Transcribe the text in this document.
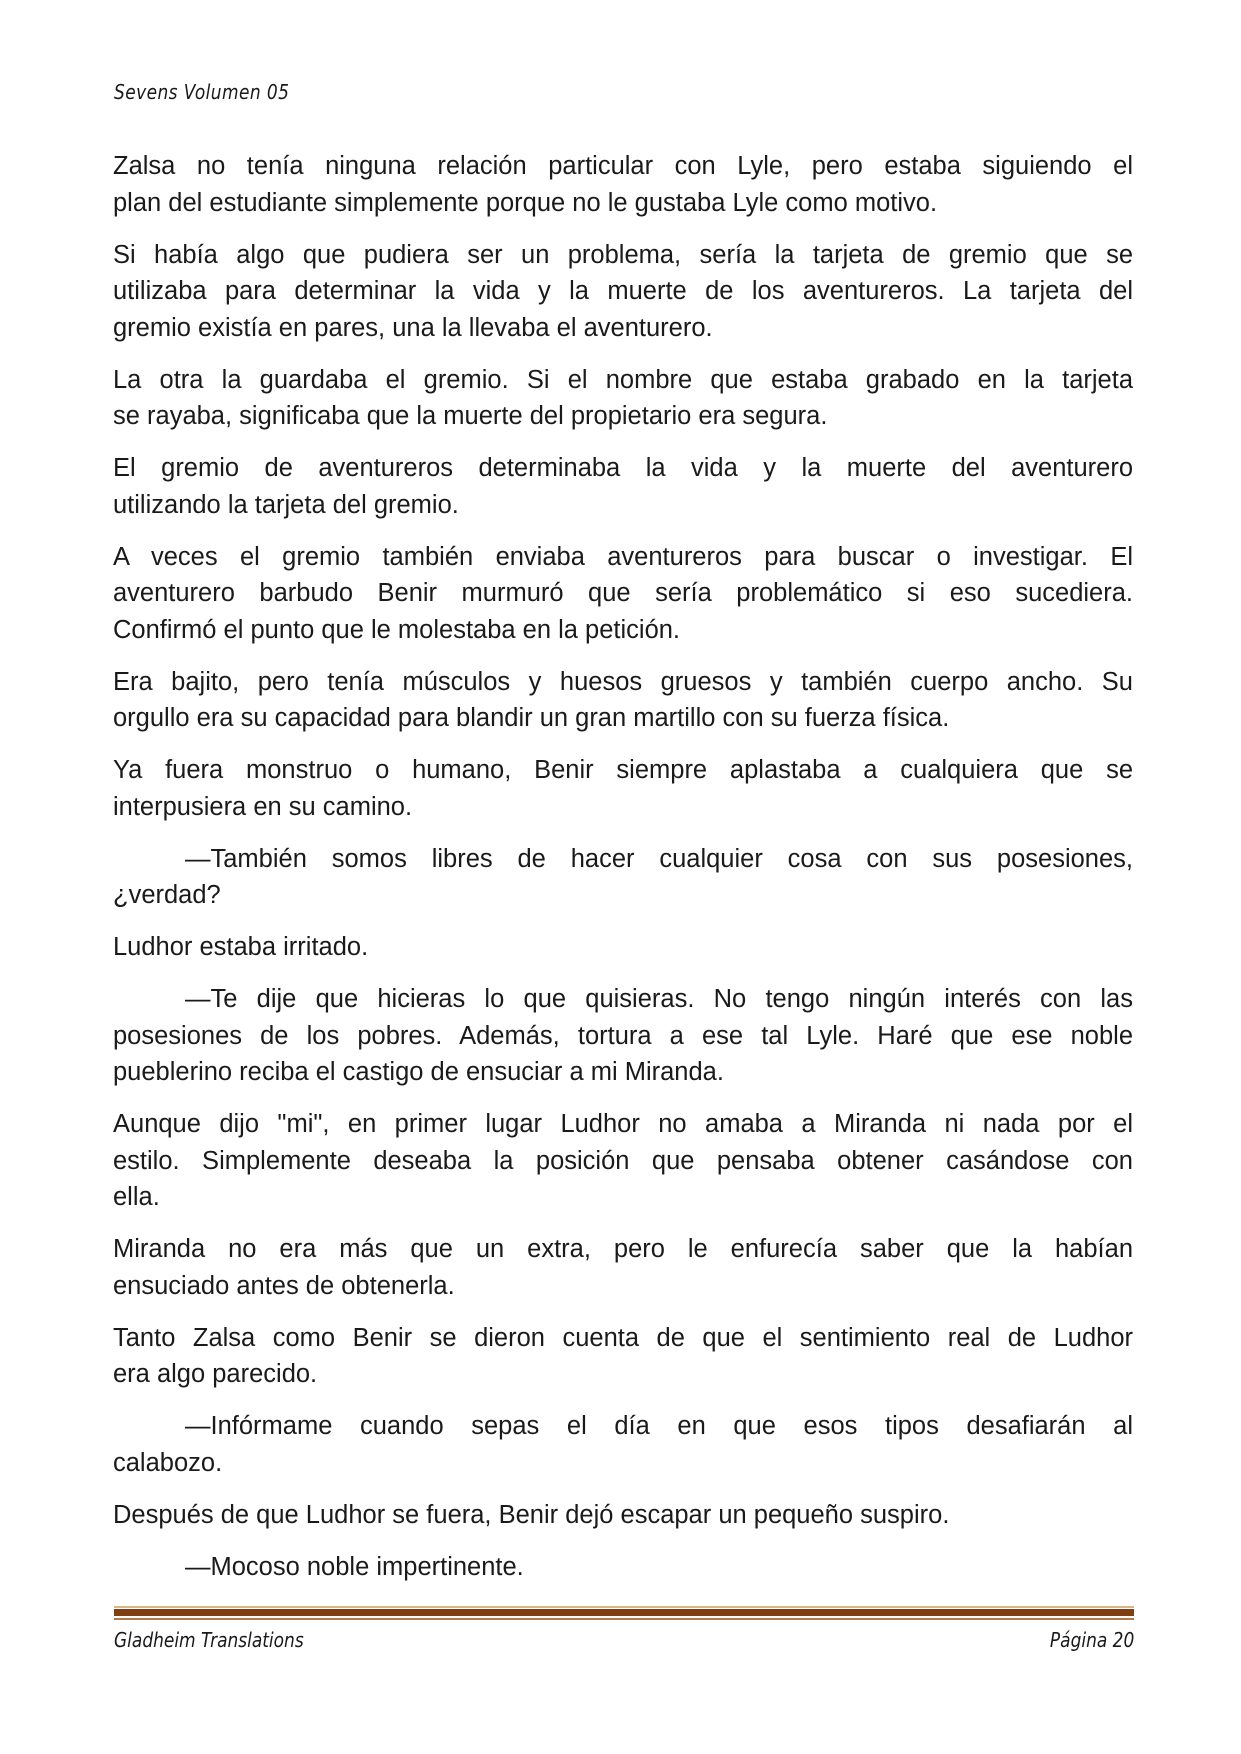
Sevens Volumen 05
Zalsa no tenía ninguna relación particular con Lyle, pero estaba siguiendo el
plan del estudiante simplemente porque no le gustaba Lyle como motivo.
Si había algo que pudiera ser un problema, sería la tarjeta de gremio que se
utilizaba para determinar la vida y la muerte de los aventureros. La tarjeta del
gremio existía en pares, una la llevaba el aventurero.
La otra la guardaba el gremio. Si el nombre que estaba grabado en la tarjeta
se rayaba, significaba que la muerte del propietario era segura.
El gremio de aventureros determinaba la vida y la muerte del aventurero
utilizando la tarjeta del gremio.
A veces el gremio también enviaba aventureros para buscar o investigar. El
aventurero barbudo Benir murmuró que sería problemático si eso sucediera.
Confirmó el punto que le molestaba en la petición.
Era bajito, pero tenía músculos y huesos gruesos y también cuerpo ancho. Su
orgullo era su capacidad para blandir un gran martillo con su fuerza física.
Ya fuera monstruo o humano, Benir siempre aplastaba a cualquiera que se
interpusiera en su camino.
—También somos libres de hacer cualquier cosa con sus posesiones,
¿verdad?
Ludhor estaba irritado.
—Te dije que hicieras lo que quisieras. No tengo ningún interés con las
posesiones de los pobres. Además, tortura a ese tal Lyle. Haré que ese noble
pueblerino reciba el castigo de ensuciar a mi Miranda.
Aunque dijo "mi", en primer lugar Ludhor no amaba a Miranda ni nada por el
estilo. Simplemente deseaba la posición que pensaba obtener casándose con
ella.
Miranda no era más que un extra, pero le enfurecía saber que la habían
ensuciado antes de obtenerla.
Tanto Zalsa como Benir se dieron cuenta de que el sentimiento real de Ludhor
era algo parecido.
—Infórmame cuando sepas el día en que esos tipos desafiarán al
calabozo.
Después de que Ludhor se fuera, Benir dejó escapar un pequeño suspiro.
—Mocoso noble impertinente.
Gladheim Translations	Página 20
